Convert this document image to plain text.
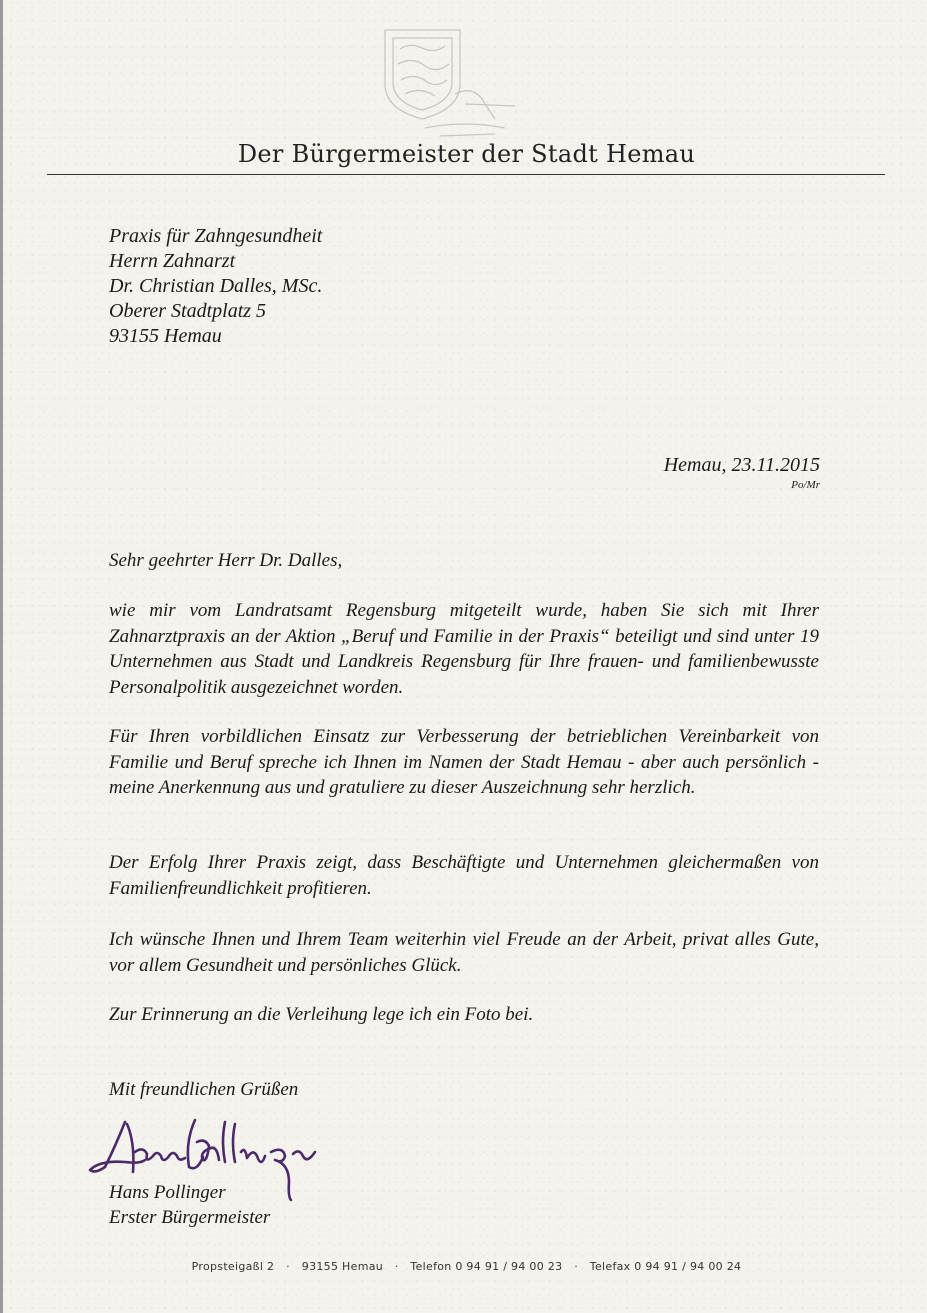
Der Bürgermeister der Stadt Hemau
Praxis für Zahngesundheit
Herrn Zahnarzt
Dr. Christian Dalles, MSc.
Oberer Stadtplatz 5
93155 Hemau
Hemau, 23.11.2015
Po/Mr
Sehr geehrter Herr Dr. Dalles,
wie mir vom Landratsamt Regensburg mitgeteilt wurde, haben Sie sich mit Ihrer Zahnarztpraxis an der Aktion „Beruf und Familie in der Praxis“ beteiligt und sind unter 19 Unternehmen aus Stadt und Landkreis Regensburg für Ihre frauen- und familienbewusste Personalpolitik ausgezeichnet worden.
Für Ihren vorbildlichen Einsatz zur Verbesserung der betrieblichen Vereinbarkeit von Familie und Beruf spreche ich Ihnen im Namen der Stadt Hemau - aber auch persönlich - meine Anerkennung aus und gratuliere zu dieser Auszeichnung sehr herzlich.
Der Erfolg Ihrer Praxis zeigt, dass Beschäftigte und Unternehmen gleichermaßen von Familienfreundlichkeit profitieren.
Ich wünsche Ihnen und Ihrem Team weiterhin viel Freude an der Arbeit, privat alles Gute, vor allem Gesundheit und persönliches Glück.
Zur Erinnerung an die Verleihung lege ich ein Foto bei.
Mit freundlichen Grüßen
Hans Pollinger
Erster Bürgermeister
Propsteigaßl 2 · 93155 Hemau · Telefon 0 94 91 / 94 00 23 · Telefax 0 94 91 / 94 00 24
